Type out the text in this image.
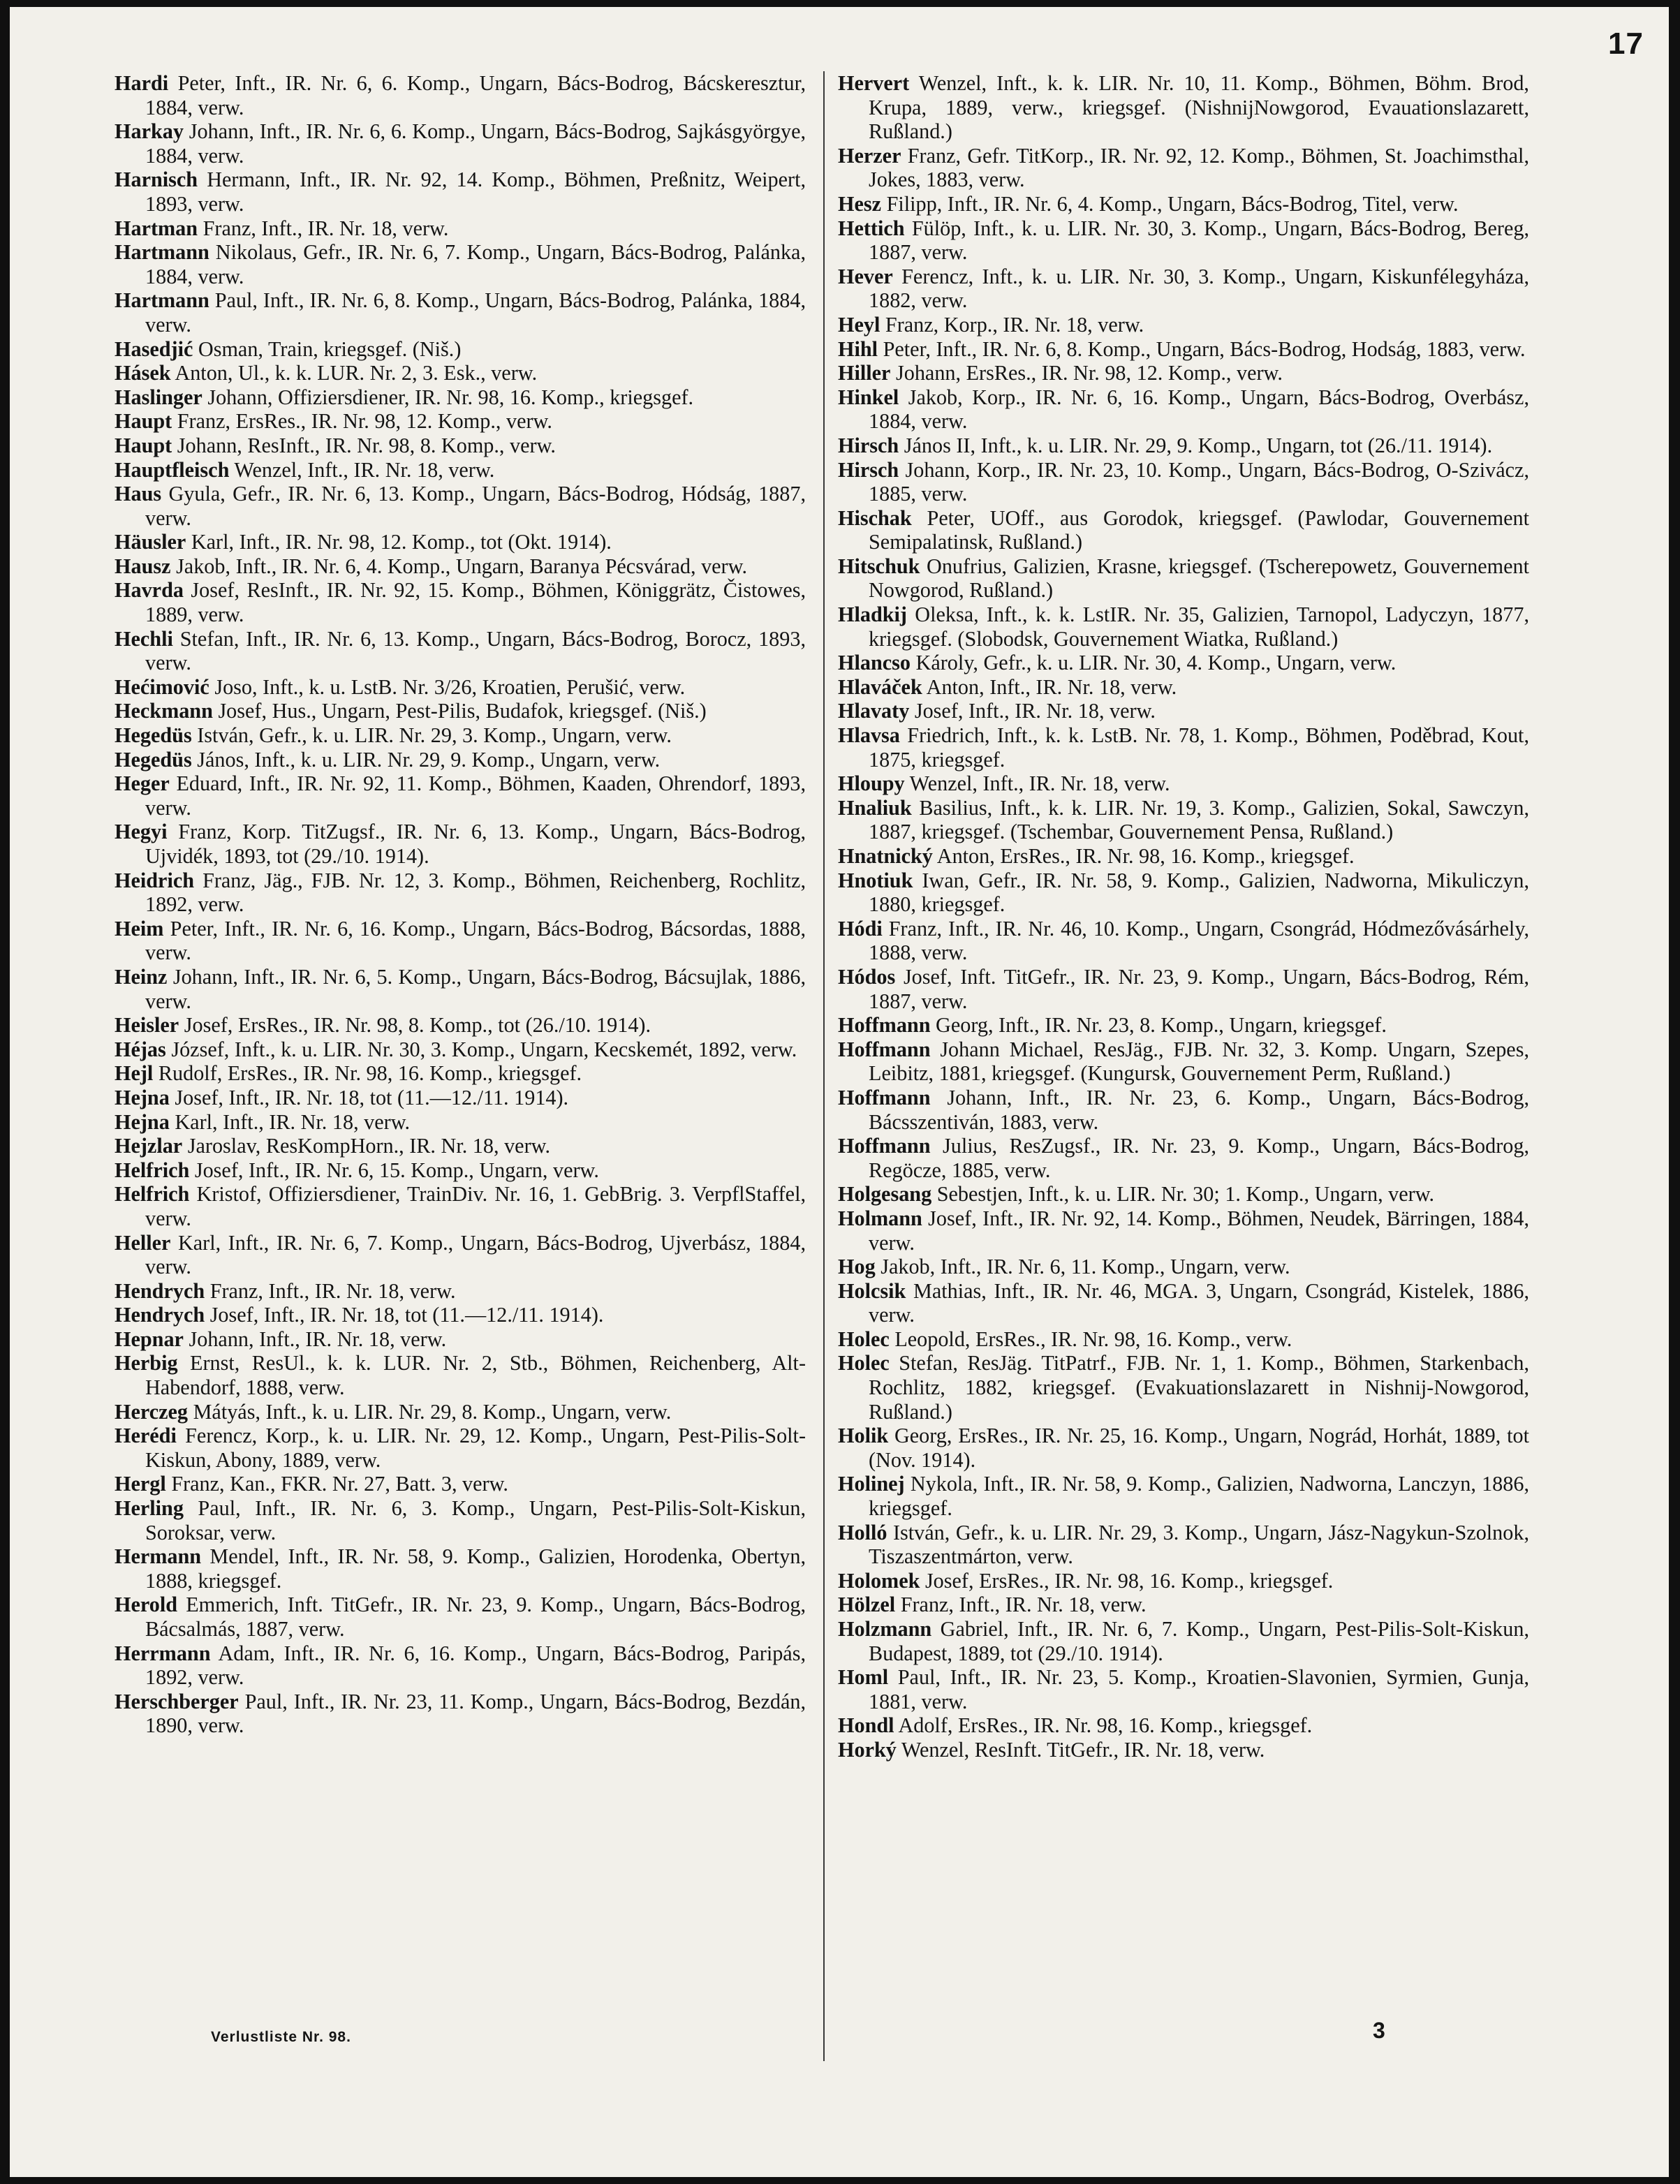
17

Hardi Peter, Inft., IR. Nr. 6, 6. Komp., Ungarn, Bács-Bodrog, Bácskeresztur, 1884, verw.

Harkay Johann, Inft., IR. Nr. 6, 6. Komp., Ungarn, Bács-Bodrog, Sajkásgyörgye, 1884, verw.

Harnisch Hermann, Inft., IR. Nr. 92, 14. Komp., Böhmen, Preßnitz, Weipert, 1893, verw.

Hartman Franz, Inft., IR. Nr. 18, verw.

Hartmann Nikolaus, Gefr., IR. Nr. 6, 7. Komp., Ungarn, Bács-Bodrog, Palánka, 1884, verw.

Hartmann Paul, Inft., IR. Nr. 6, 8. Komp., Ungarn, Bács-Bodrog, Palánka, 1884, verw.

Hasedjić Osman, Train, kriegsgef. (Niš.)

Hásek Anton, Ul., k. k. LUR. Nr. 2, 3. Esk., verw.

Haslinger Johann, Offiziersdiener, IR. Nr. 98, 16. Komp., kriegsgef.

Haupt Franz, ErsRes., IR. Nr. 98, 12. Komp., verw.

Haupt Johann, ResInft., IR. Nr. 98, 8. Komp., verw.

Hauptfleisch Wenzel, Inft., IR. Nr. 18, verw.

Haus Gyula, Gefr., IR. Nr. 6, 13. Komp., Ungarn, Bács-Bodrog, Hódság, 1887, verw.

Häusler Karl, Inft., IR. Nr. 98, 12. Komp., tot (Okt. 1914).

Hausz Jakob, Inft., IR. Nr. 6, 4. Komp., Ungarn, Baranya Pécsvárad, verw.

Havrda Josef, ResInft., IR. Nr. 92, 15. Komp., Böhmen, Königgrätz, Čistowes, 1889, verw.

Hechli Stefan, Inft., IR. Nr. 6, 13. Komp., Ungarn, Bács-Bodrog, Borocz, 1893, verw.

Hećimović Joso, Inft., k. u. LstB. Nr. 3/26, Kroatien, Perušić, verw.

Heckmann Josef, Hus., Ungarn, Pest-Pilis, Budafok, kriegsgef. (Niš.)

Hegedüs István, Gefr., k. u. LIR. Nr. 29, 3. Komp., Ungarn, verw.

Hegedüs János, Inft., k. u. LIR. Nr. 29, 9. Komp., Ungarn, verw.

Heger Eduard, Inft., IR. Nr. 92, 11. Komp., Böhmen, Kaaden, Ohrendorf, 1893, verw.

Hegyi Franz, Korp. TitZugsf., IR. Nr. 6, 13. Komp., Ungarn, Bács-Bodrog, Ujvidék, 1893, tot (29./10. 1914).

Heidrich Franz, Jäg., FJB. Nr. 12, 3. Komp., Böhmen, Reichenberg, Rochlitz, 1892, verw.

Heim Peter, Inft., IR. Nr. 6, 16. Komp., Ungarn, Bács-Bodrog, Bácsordas, 1888, verw.

Heinz Johann, Inft., IR. Nr. 6, 5. Komp., Ungarn, Bács-Bodrog, Bácsujlak, 1886, verw.

Heisler Josef, ErsRes., IR. Nr. 98, 8. Komp., tot (26./10. 1914).

Héjas József, Inft., k. u. LIR. Nr. 30, 3. Komp., Ungarn, Kecskemét, 1892, verw.

Hejl Rudolf, ErsRes., IR. Nr. 98, 16. Komp., kriegsgef.

Hejna Josef, Inft., IR. Nr. 18, tot (11.—12./11. 1914).

Hejna Karl, Inft., IR. Nr. 18, verw.

Hejzlar Jaroslav, ResKompHorn., IR. Nr. 18, verw.

Helfrich Josef, Inft., IR. Nr. 6, 15. Komp., Ungarn, verw.

Helfrich Kristof, Offiziersdiener, TrainDiv. Nr. 16, 1. GebBrig. 3. VerpflStaffel, verw.

Heller Karl, Inft., IR. Nr. 6, 7. Komp., Ungarn, Bács-Bodrog, Ujverbász, 1884, verw.

Hendrych Franz, Inft., IR. Nr. 18, verw.

Hendrych Josef, Inft., IR. Nr. 18, tot (11.—12./11. 1914).

Hepnar Johann, Inft., IR. Nr. 18, verw.

Herbig Ernst, ResUl., k. k. LUR. Nr. 2, Stb., Böhmen, Reichenberg, Alt-Habendorf, 1888, verw.

Herczeg Mátyás, Inft., k. u. LIR. Nr. 29, 8. Komp., Ungarn, verw.

Herédi Ferencz, Korp., k. u. LIR. Nr. 29, 12. Komp., Ungarn, Pest-Pilis-Solt-Kiskun, Abony, 1889, verw.

Hergl Franz, Kan., FKR. Nr. 27, Batt. 3, verw.

Herling Paul, Inft., IR. Nr. 6, 3. Komp., Ungarn, Pest-Pilis-Solt-Kiskun, Soroksar, verw.

Hermann Mendel, Inft., IR. Nr. 58, 9. Komp., Galizien, Horodenka, Obertyn, 1888, kriegsgef.

Herold Emmerich, Inft. TitGefr., IR. Nr. 23, 9. Komp., Ungarn, Bács-Bodrog, Bácsalmás, 1887, verw.

Herrmann Adam, Inft., IR. Nr. 6, 16. Komp., Ungarn, Bács-Bodrog, Paripás, 1892, verw.

Herschberger Paul, Inft., IR. Nr. 23, 11. Komp., Ungarn, Bács-Bodrog, Bezdán, 1890, verw.

Hervert Wenzel, Inft., k. k. LIR. Nr. 10, 11. Komp., Böhmen, Böhm. Brod, Krupa, 1889, verw., kriegsgef. (NishnijNowgorod, Evauationslazarett, Rußland.)

Herzer Franz, Gefr. TitKorp., IR. Nr. 92, 12. Komp., Böhmen, St. Joachimsthal, Jokes, 1883, verw.

Hesz Filipp, Inft., IR. Nr. 6, 4. Komp., Ungarn, Bács-Bodrog, Titel, verw.

Hettich Fülöp, Inft., k. u. LIR. Nr. 30, 3. Komp., Ungarn, Bács-Bodrog, Bereg, 1887, verw.

Hever Ferencz, Inft., k. u. LIR. Nr. 30, 3. Komp., Ungarn, Kiskunfélegyháza, 1882, verw.

Heyl Franz, Korp., IR. Nr. 18, verw.

Hihl Peter, Inft., IR. Nr. 6, 8. Komp., Ungarn, Bács-Bodrog, Hodság, 1883, verw.

Hiller Johann, ErsRes., IR. Nr. 98, 12. Komp., verw.

Hinkel Jakob, Korp., IR. Nr. 6, 16. Komp., Ungarn, Bács-Bodrog, Overbász, 1884, verw.

Hirsch János II, Inft., k. u. LIR. Nr. 29, 9. Komp., Ungarn, tot (26./11. 1914).

Hirsch Johann, Korp., IR. Nr. 23, 10. Komp., Ungarn, Bács-Bodrog, O-Szivácz, 1885, verw.

Hischak Peter, UOff., aus Gorodok, kriegsgef. (Pawlodar, Gouvernement Semipalatinsk, Rußland.)

Hitschuk Onufrius, Galizien, Krasne, kriegsgef. (Tscherepowetz, Gouvernement Nowgorod, Rußland.)

Hladkij Oleksa, Inft., k. k. LstIR. Nr. 35, Galizien, Tarnopol, Ladyczyn, 1877, kriegsgef. (Slobodsk, Gouvernement Wiatka, Rußland.)

Hlancso Károly, Gefr., k. u. LIR. Nr. 30, 4. Komp., Ungarn, verw.

Hlaváček Anton, Inft., IR. Nr. 18, verw.

Hlavaty Josef, Inft., IR. Nr. 18, verw.

Hlavsa Friedrich, Inft., k. k. LstB. Nr. 78, 1. Komp., Böhmen, Poděbrad, Kout, 1875, kriegsgef.

Hloupy Wenzel, Inft., IR. Nr. 18, verw.

Hnaliuk Basilius, Inft., k. k. LIR. Nr. 19, 3. Komp., Galizien, Sokal, Sawczyn, 1887, kriegsgef. (Tschembar, Gouvernement Pensa, Rußland.)

Hnatnický Anton, ErsRes., IR. Nr. 98, 16. Komp., kriegsgef.

Hnotiuk Iwan, Gefr., IR. Nr. 58, 9. Komp., Galizien, Nadworna, Mikuliczyn, 1880, kriegsgef.

Hódi Franz, Inft., IR. Nr. 46, 10. Komp., Ungarn, Csongrád, Hódmezővásárhely, 1888, verw.

Hódos Josef, Inft. TitGefr., IR. Nr. 23, 9. Komp., Ungarn, Bács-Bodrog, Rém, 1887, verw.

Hoffmann Georg, Inft., IR. Nr. 23, 8. Komp., Ungarn, kriegsgef.

Hoffmann Johann Michael, ResJäg., FJB. Nr. 32, 3. Komp. Ungarn, Szepes, Leibitz, 1881, kriegsgef. (Kungursk, Gouvernement Perm, Rußland.)

Hoffmann Johann, Inft., IR. Nr. 23, 6. Komp., Ungarn, Bács-Bodrog, Bácsszentiván, 1883, verw.

Hoffmann Julius, ResZugsf., IR. Nr. 23, 9. Komp., Ungarn, Bács-Bodrog, Regöcze, 1885, verw.

Holgesang Sebestjen, Inft., k. u. LIR. Nr. 30; 1. Komp., Ungarn, verw.

Holmann Josef, Inft., IR. Nr. 92, 14. Komp., Böhmen, Neudek, Bärringen, 1884, verw.

Hog Jakob, Inft., IR. Nr. 6, 11. Komp., Ungarn, verw.

Holcsik Mathias, Inft., IR. Nr. 46, MGA. 3, Ungarn, Csongrád, Kistelek, 1886, verw.

Holec Leopold, ErsRes., IR. Nr. 98, 16. Komp., verw.

Holec Stefan, ResJäg. TitPatrf., FJB. Nr. 1, 1. Komp., Böhmen, Starkenbach, Rochlitz, 1882, kriegsgef. (Evakuationslazarett in Nishnij-Nowgorod, Rußland.)

Holik Georg, ErsRes., IR. Nr. 25, 16. Komp., Ungarn, Nográd, Horhát, 1889, tot (Nov. 1914).

Holinej Nykola, Inft., IR. Nr. 58, 9. Komp., Galizien, Nadworna, Lanczyn, 1886, kriegsgef.

Holló István, Gefr., k. u. LIR. Nr. 29, 3. Komp., Ungarn, Jász-Nagykun-Szolnok, Tiszaszentmárton, verw.

Holomek Josef, ErsRes., IR. Nr. 98, 16. Komp., kriegsgef.

Hölzel Franz, Inft., IR. Nr. 18, verw.

Holzmann Gabriel, Inft., IR. Nr. 6, 7. Komp., Ungarn, Pest-Pilis-Solt-Kiskun, Budapest, 1889, tot (29./10. 1914).

Homl Paul, Inft., IR. Nr. 23, 5. Komp., Kroatien-Slavonien, Syrmien, Gunja, 1881, verw.

Hondl Adolf, ErsRes., IR. Nr. 98, 16. Komp., kriegsgef.

Horký Wenzel, ResInft. TitGefr., IR. Nr. 18, verw.

Verlustliste Nr. 98.	3
